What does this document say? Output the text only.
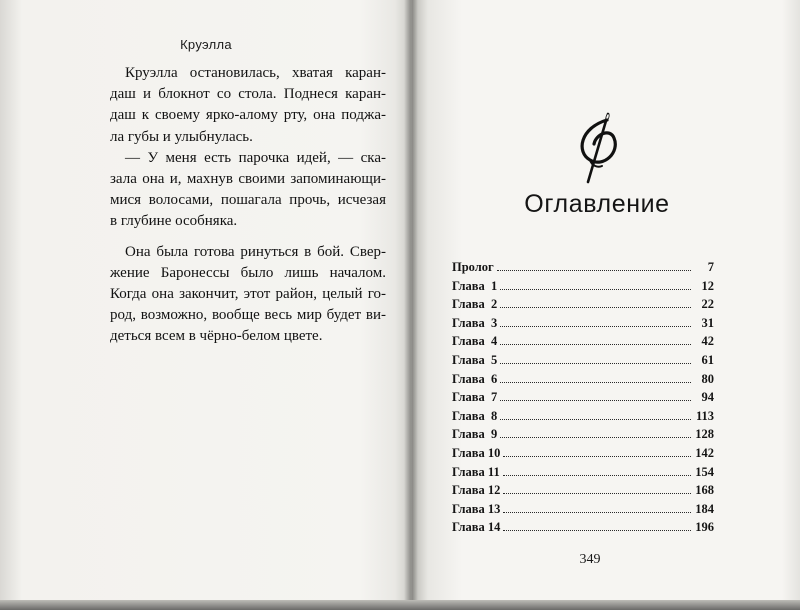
Круэлла
Круэлла остановилась, хватая каран-
даш и блокнот со стола. Поднеся каран-
даш к своему ярко-алому рту, она поджа-
ла губы и улыбнулась.
— У меня есть парочка идей, — ска-
зала она и, махнув своими запоминающи-
мися волосами, пошагала прочь, исчезая
в глубине особняка.
Она была готова ринуться в бой. Свер-
жение Баронессы было лишь началом.
Когда она закончит, этот район, целый го-
род, возможно, вообще весь мир будет ви-
деться всем в чёрно-белом цвете.
Оглавление
Пролог	7
Глава  1	12
Глава  2	22
Глава  3	31
Глава  4	42
Глава  5	61
Глава  6	80
Глава  7	94
Глава  8	113
Глава  9	128
Глава 10	142
Глава 11	154
Глава 12	168
Глава 13	184
Глава 14	196
349
